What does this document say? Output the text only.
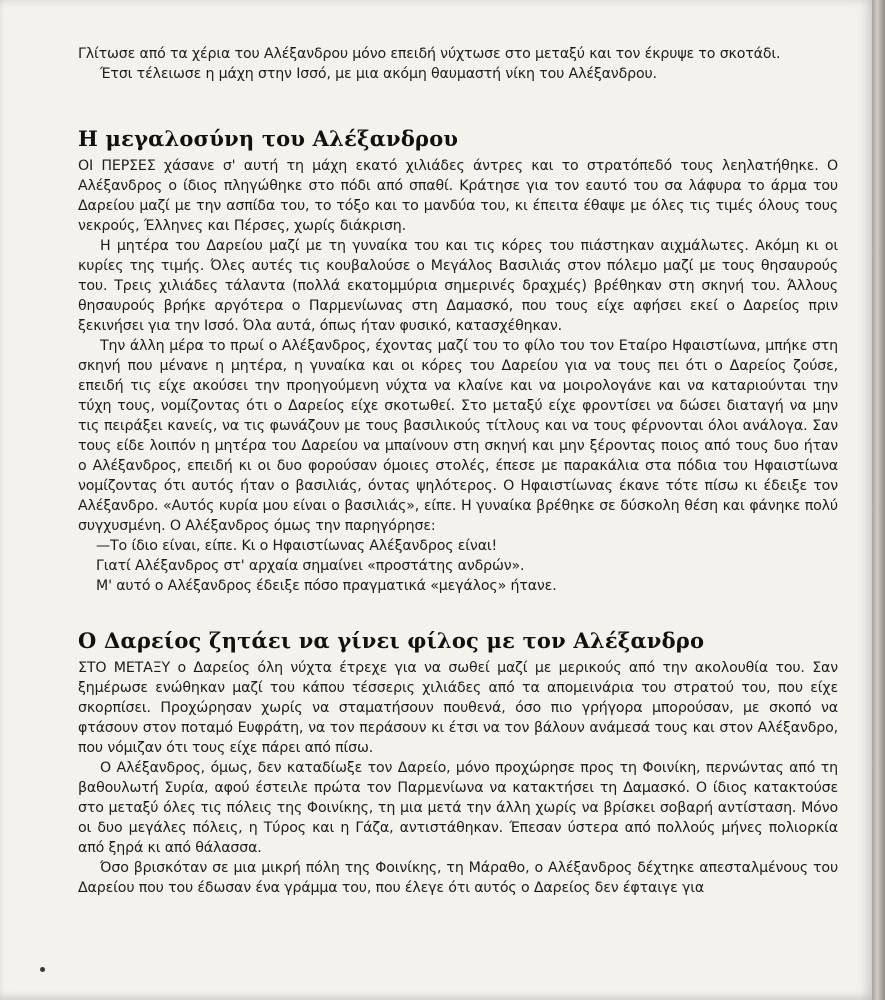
Γλίτωσε από τα χέρια του Αλέξανδρου μόνο επειδή νύχτωσε στο μεταξύ και τον έκρυψε το σκοτάδι.

Έτσι τέλειωσε η μάχη στην Ισσό, με μια ακόμη θαυμαστή νίκη του Αλέξανδρου.

Η μεγαλοσύνη του Αλέξανδρου

ΟΙ ΠΕΡΣΕΣ χάσανε σ' αυτή τη μάχη εκατό χιλιάδες άντρες και το στρατόπεδό τους λεηλατήθηκε. Ο Αλέξανδρος ο ίδιος πληγώθηκε στο πόδι από σπαθί. Κράτησε για τον εαυτό του σα λάφυρα το άρμα του Δαρείου μαζί με την ασπίδα του, το τόξο και το μανδύα του, κι έπειτα έθαψε με όλες τις τιμές όλους τους νεκρούς, Έλληνες και Πέρσες, χωρίς διάκριση.

Η μητέρα του Δαρείου μαζί με τη γυναίκα του και τις κόρες του πιάστηκαν αιχμάλωτες. Ακόμη κι οι κυρίες της τιμής. Όλες αυτές τις κουβαλούσε ο Μεγάλος Βασιλιάς στον πόλεμο μαζί με τους θησαυρούς του. Τρεις χιλιάδες τάλαντα (πολλά εκατομμύρια σημερινές δραχμές) βρέθηκαν στη σκηνή του. Άλλους θησαυρούς βρήκε αργότερα ο Παρμενίωνας στη Δαμασκό, που τους είχε αφήσει εκεί ο Δαρείος πριν ξεκινήσει για την Ισσό. Όλα αυτά, όπως ήταν φυσικό, κατασχέθηκαν.

Την άλλη μέρα το πρωί ο Αλέξανδρος, έχοντας μαζί του το φίλο του τον Εταίρο Ηφαιστίωνα, μπήκε στη σκηνή που μένανε η μητέρα, η γυναίκα και οι κόρες του Δαρείου για να τους πει ότι ο Δαρείος ζούσε, επειδή τις είχε ακούσει την προηγούμενη νύχτα να κλαίνε και να μοιρολογάνε και να καταριούνται την τύχη τους, νομίζοντας ότι ο Δαρείος είχε σκοτωθεί. Στο μεταξύ είχε φροντίσει να δώσει διαταγή να μην τις πειράξει κανείς, να τις φωνάζουν με τους βασιλικούς τίτλους και να τους φέρνονται όλοι ανάλογα. Σαν τους είδε λοιπόν η μητέρα του Δαρείου να μπαίνουν στη σκηνή και μην ξέροντας ποιος από τους δυο ήταν ο Αλέξανδρος, επειδή κι οι δυο φορούσαν όμοιες στολές, έπεσε με παρακάλια στα πόδια του Ηφαιστίωνα νομίζοντας ότι αυτός ήταν ο βασιλιάς, όντας ψηλότερος. Ο Ηφαιστίωνας έκανε τότε πίσω κι έδειξε τον Αλέξανδρο. «Αυτός κυρία μου είναι ο βασιλιάς», είπε. Η γυναίκα βρέθηκε σε δύσκολη θέση και φάνηκε πολύ συγχυσμένη. Ο Αλέξανδρος όμως την παρηγόρησε:

—Το ίδιο είναι, είπε. Κι ο Ηφαιστίωνας Αλέξανδρος είναι!

Γιατί Αλέξανδρος στ' αρχαία σημαίνει «προστάτης ανδρών».

Μ' αυτό ο Αλέξανδρος έδειξε πόσο πραγματικά «μεγάλος» ήτανε.

Ο Δαρείος ζητάει να γίνει φίλος με τον Αλέξανδρο

ΣΤΟ ΜΕΤΑΞΥ ο Δαρείος όλη νύχτα έτρεχε για να σωθεί μαζί με μερικούς από την ακολουθία του. Σαν ξημέρωσε ενώθηκαν μαζί του κάπου τέσσερις χιλιάδες από τα απομεινάρια του στρατού του, που είχε σκορπίσει. Προχώρησαν χωρίς να σταματήσουν πουθενά, όσο πιο γρήγορα μπορούσαν, με σκοπό να φτάσουν στον ποταμό Ευφράτη, να τον περάσουν κι έτσι να τον βάλουν ανάμεσά τους και στον Αλέξανδρο, που νόμιζαν ότι τους είχε πάρει από πίσω.

Ο Αλέξανδρος, όμως, δεν καταδίωξε τον Δαρείο, μόνο προχώρησε προς τη Φοινίκη, περνώντας από τη βαθουλωτή Συρία, αφού έστειλε πρώτα τον Παρμενίωνα να κατακτήσει τη Δαμασκό. Ο ίδιος κατακτούσε στο μεταξύ όλες τις πόλεις της Φοινίκης, τη μια μετά την άλλη χωρίς να βρίσκει σοβαρή αντίσταση. Μόνο οι δυο μεγάλες πόλεις, η Τύρος και η Γάζα, αντιστάθηκαν. Έπεσαν ύστερα από πολλούς μήνες πολιορκία από ξηρά κι από θάλασσα.

Όσο βρισκόταν σε μια μικρή πόλη της Φοινίκης, τη Μάραθο, ο Αλέξανδρος δέχτηκε απεσταλμένους του Δαρείου που του έδωσαν ένα γράμμα του, που έλεγε ότι αυτός ο Δαρείος δεν έφταιγε για
